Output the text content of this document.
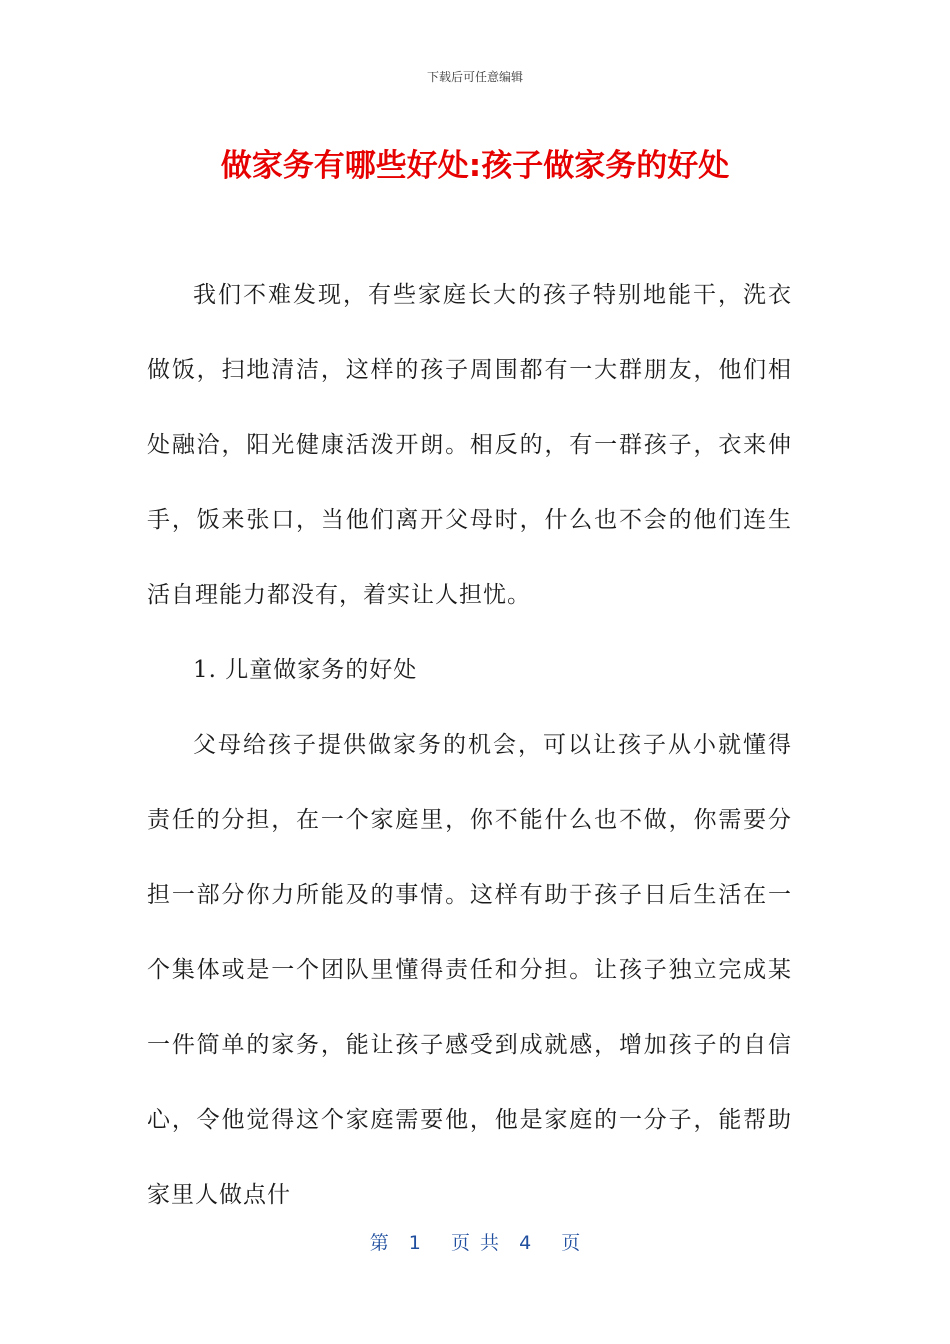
下载后可任意编辑
做家务有哪些好处:孩子做家务的好处

我们不难发现，有些家庭长大的孩子特别地能干，洗衣做饭，扫地清洁，这样的孩子周围都有一大群朋友，他们相处融洽，阳光健康活泼开朗。相反的，有一群孩子，衣来伸手，饭来张口，当他们离开父母时，什么也不会的他们连生活自理能力都没有，着实让人担忧。

1. 儿童做家务的好处

父母给孩子提供做家务的机会，可以让孩子从小就懂得责任的分担，在一个家庭里，你不能什么也不做，你需要分担一部分你力所能及的事情。这样有助于孩子日后生活在一个集体或是一个团队里懂得责任和分担。让孩子独立完成某一件简单的家务，能让孩子感受到成就感，增加孩子的自信心，令他觉得这个家庭需要他，他是家庭的一分子，能帮助家里人做点什

第  1   页 共  4   页
